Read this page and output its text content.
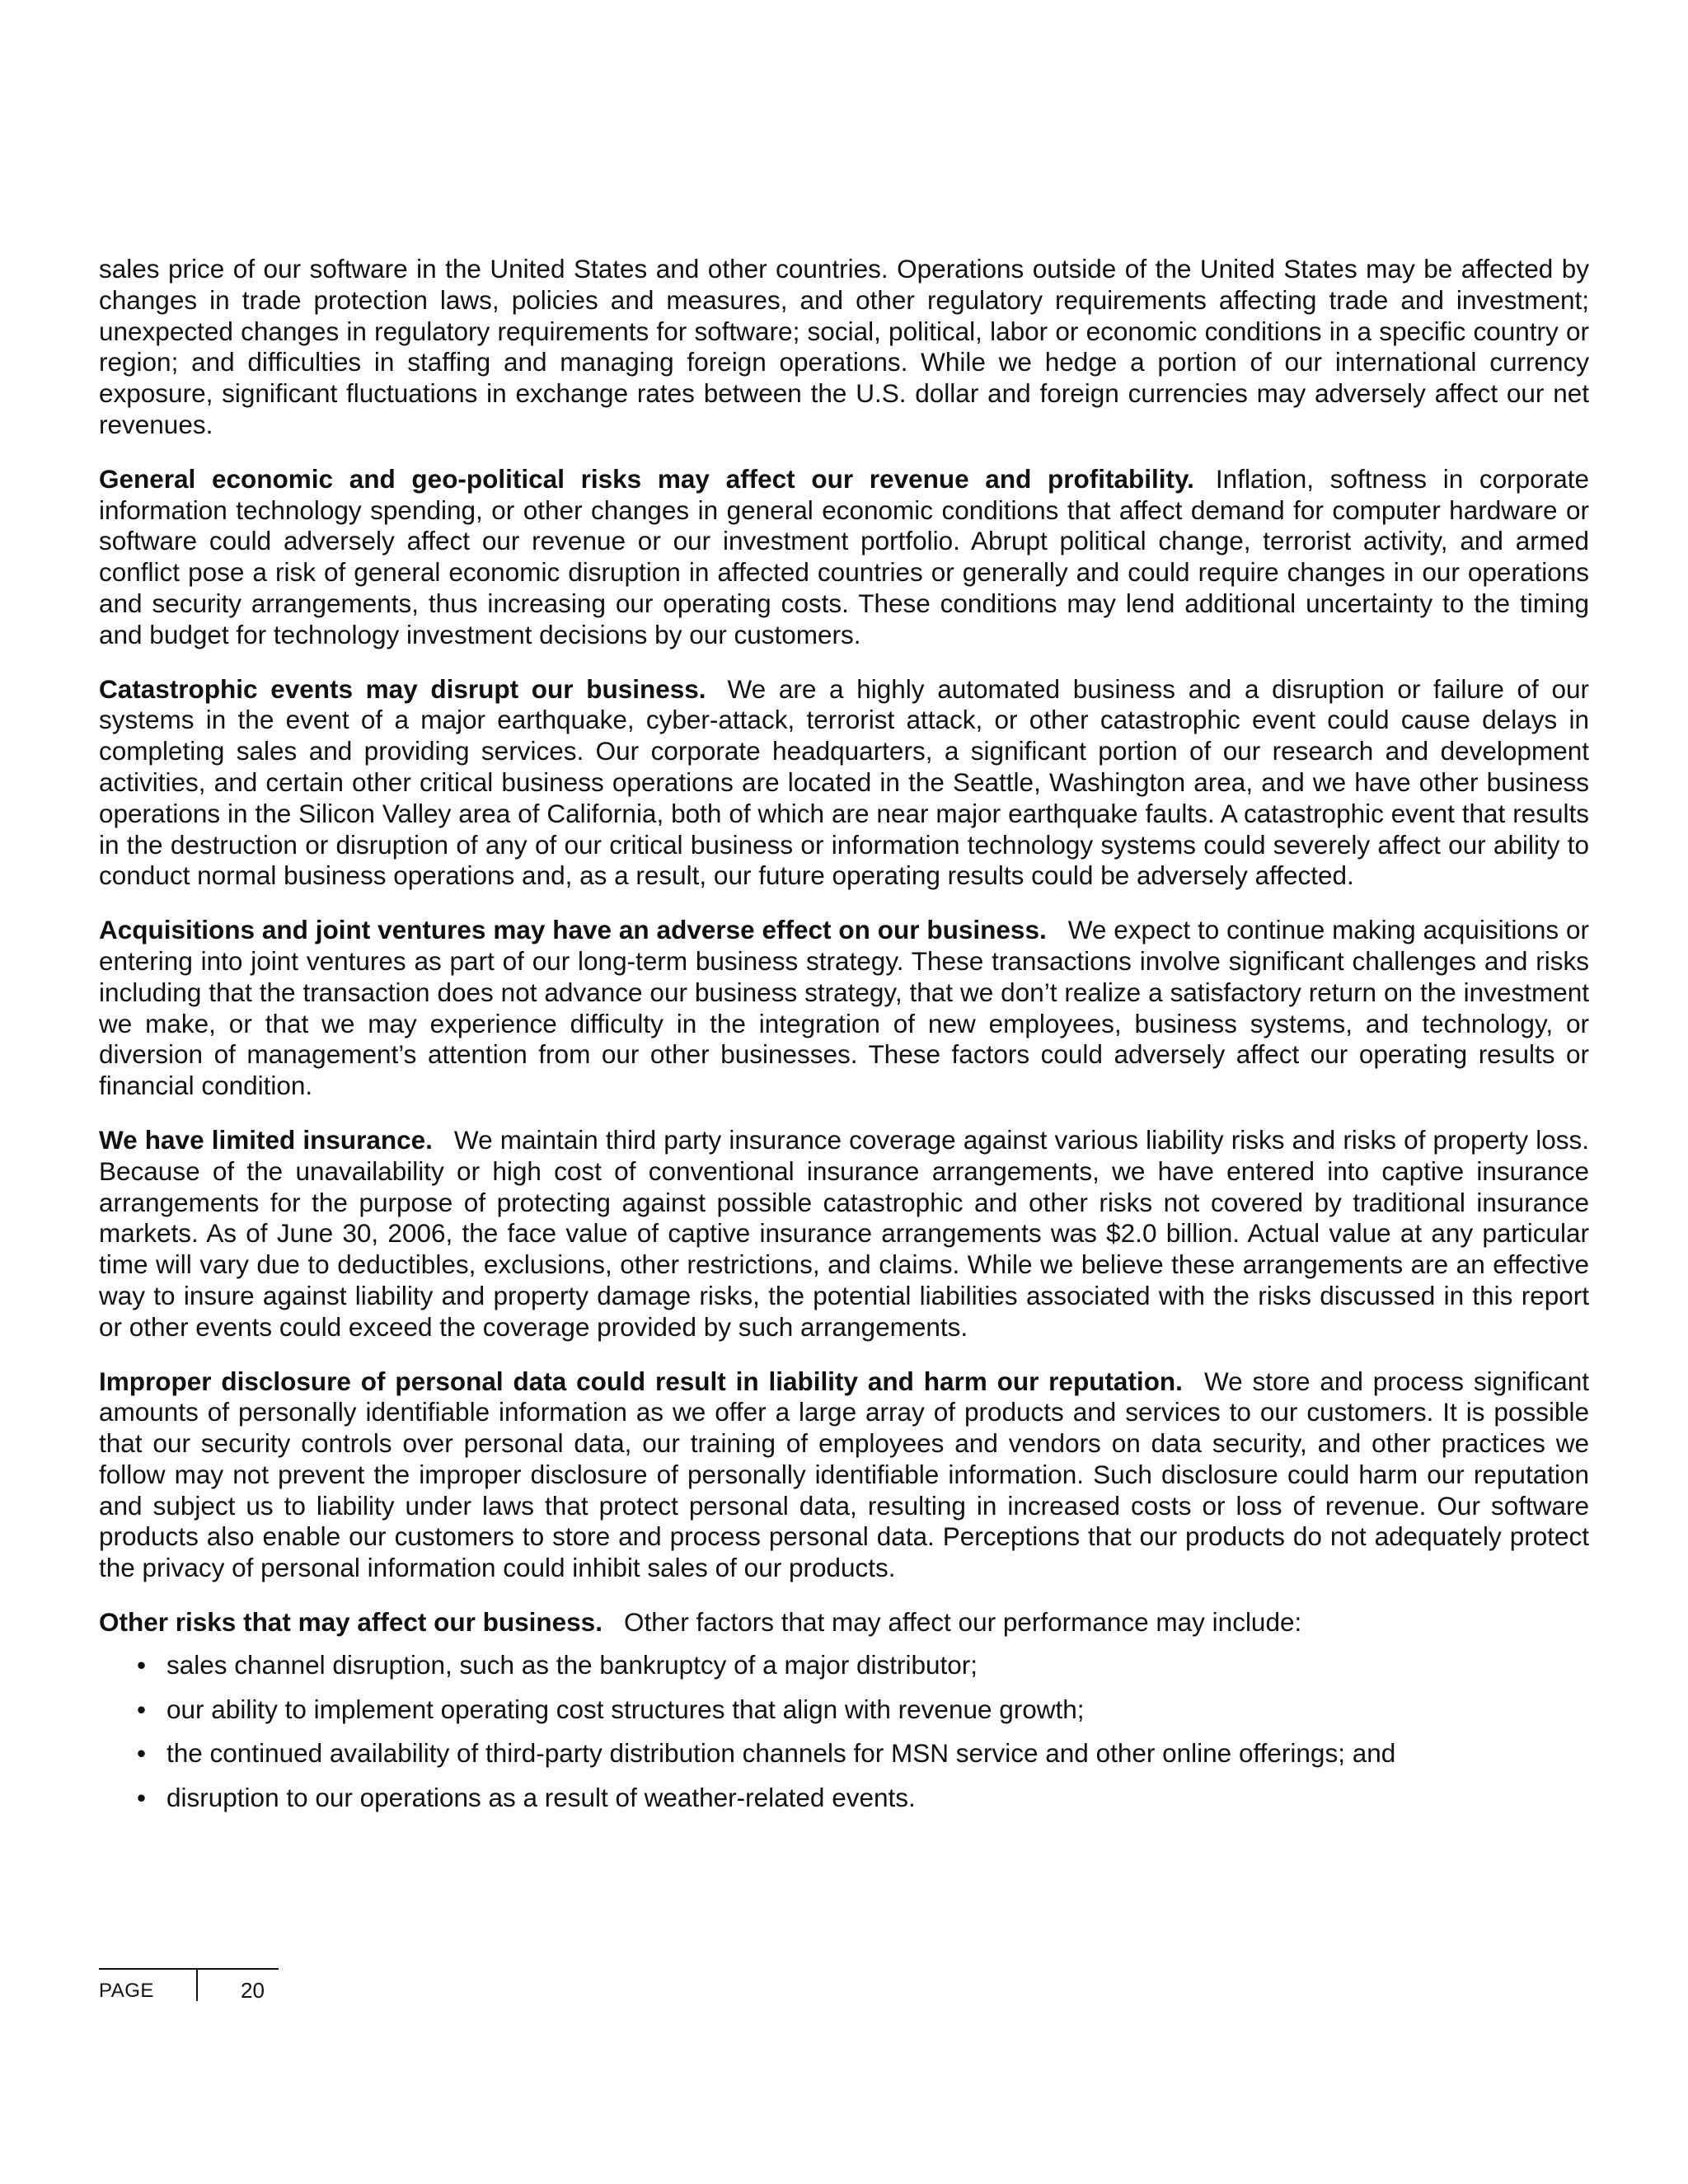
sales price of our software in the United States and other countries. Operations outside of the United States may be affected by changes in trade protection laws, policies and measures, and other regulatory requirements affecting trade and investment; unexpected changes in regulatory requirements for software; social, political, labor or economic conditions in a specific country or region; and difficulties in staffing and managing foreign operations. While we hedge a portion of our international currency exposure, significant fluctuations in exchange rates between the U.S. dollar and foreign currencies may adversely affect our net revenues.

General economic and geo-political risks may affect our revenue and profitability. Inflation, softness in corporate information technology spending, or other changes in general economic conditions that affect demand for computer hardware or software could adversely affect our revenue or our investment portfolio. Abrupt political change, terrorist activity, and armed conflict pose a risk of general economic disruption in affected countries or generally and could require changes in our operations and security arrangements, thus increasing our operating costs. These conditions may lend additional uncertainty to the timing and budget for technology investment decisions by our customers.

Catastrophic events may disrupt our business. We are a highly automated business and a disruption or failure of our systems in the event of a major earthquake, cyber-attack, terrorist attack, or other catastrophic event could cause delays in completing sales and providing services. Our corporate headquarters, a significant portion of our research and development activities, and certain other critical business operations are located in the Seattle, Washington area, and we have other business operations in the Silicon Valley area of California, both of which are near major earthquake faults. A catastrophic event that results in the destruction or disruption of any of our critical business or information technology systems could severely affect our ability to conduct normal business operations and, as a result, our future operating results could be adversely affected.

Acquisitions and joint ventures may have an adverse effect on our business. We expect to continue making acquisitions or entering into joint ventures as part of our long-term business strategy. These transactions involve significant challenges and risks including that the transaction does not advance our business strategy, that we don’t realize a satisfactory return on the investment we make, or that we may experience difficulty in the integration of new employees, business systems, and technology, or diversion of management’s attention from our other businesses. These factors could adversely affect our operating results or financial condition.

We have limited insurance. We maintain third party insurance coverage against various liability risks and risks of property loss. Because of the unavailability or high cost of conventional insurance arrangements, we have entered into captive insurance arrangements for the purpose of protecting against possible catastrophic and other risks not covered by traditional insurance markets. As of June 30, 2006, the face value of captive insurance arrangements was $2.0 billion. Actual value at any particular time will vary due to deductibles, exclusions, other restrictions, and claims. While we believe these arrangements are an effective way to insure against liability and property damage risks, the potential liabilities associated with the risks discussed in this report or other events could exceed the coverage provided by such arrangements.

Improper disclosure of personal data could result in liability and harm our reputation. We store and process significant amounts of personally identifiable information as we offer a large array of products and services to our customers. It is possible that our security controls over personal data, our training of employees and vendors on data security, and other practices we follow may not prevent the improper disclosure of personally identifiable information. Such disclosure could harm our reputation and subject us to liability under laws that protect personal data, resulting in increased costs or loss of revenue. Our software products also enable our customers to store and process personal data. Perceptions that our products do not adequately protect the privacy of personal information could inhibit sales of our products.

Other risks that may affect our business. Other factors that may affect our performance may include:

• sales channel disruption, such as the bankruptcy of a major distributor;
• our ability to implement operating cost structures that align with revenue growth;
• the continued availability of third-party distribution channels for MSN service and other online offerings; and
• disruption to our operations as a result of weather-related events.
PAGE	20
